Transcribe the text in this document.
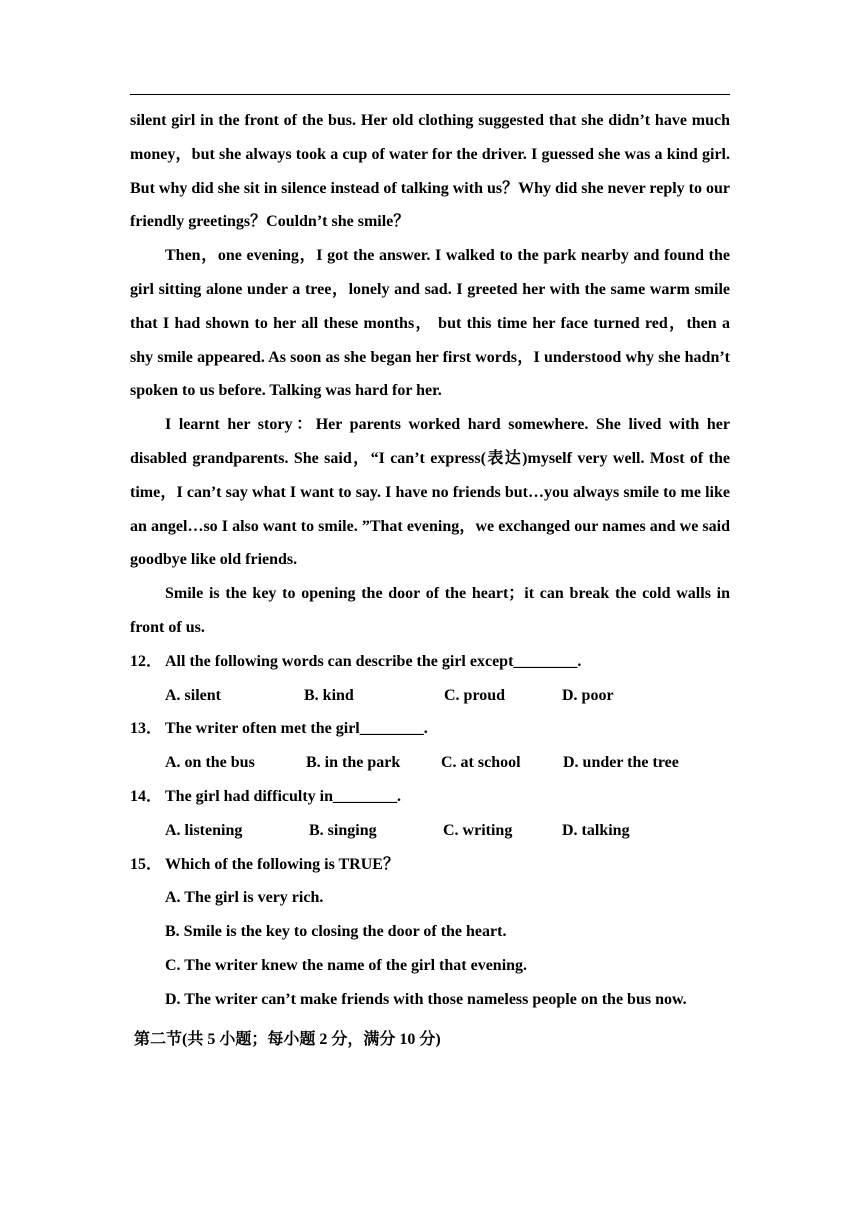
silent girl in the front of the bus. Her old clothing suggested that she didn’t have much money，but she always took a cup of water for the driver. I guessed she was a kind girl. But why did she sit in silence instead of talking with us？Why did she never reply to our friendly greetings？Couldn’t she smile？

Then，one evening，I got the answer. I walked to the park nearby and found the girl sitting alone under a tree，lonely and sad. I greeted her with the same warm smile that I had shown to her all these months， but this time her face turned red，then a shy smile appeared. As soon as she began her first words，I understood why she hadn’t spoken to us before. Talking was hard for her.

I learnt her story：Her parents worked hard somewhere. She lived with her disabled grandparents. She said，“I can’t express(表达)myself very well. Most of the time，I can’t say what I want to say. I have no friends but…you always smile to me like an angel…so I also want to smile. ”That evening，we exchanged our names and we said goodbye like old friends.

Smile is the key to opening the door of the heart；it can break the cold walls in front of us.

12． All the following words can describe the girl except________.

A. silent	B. kind	C. proud	D. poor

13． The writer often met the girl________.

A. on the bus	B. in the park	C. at school	D. under the tree

14． The girl had difficulty in________.

A. listening	B. singing	C. writing	D. talking

15． Which of the following is TRUE？

A. The girl is very rich.

B. Smile is the key to closing the door of the heart.

C. The writer knew the name of the girl that evening.

D. The writer can’t make friends with those nameless people on the bus now.

第二节(共 5 小题；每小题 2 分，满分 10 分)
